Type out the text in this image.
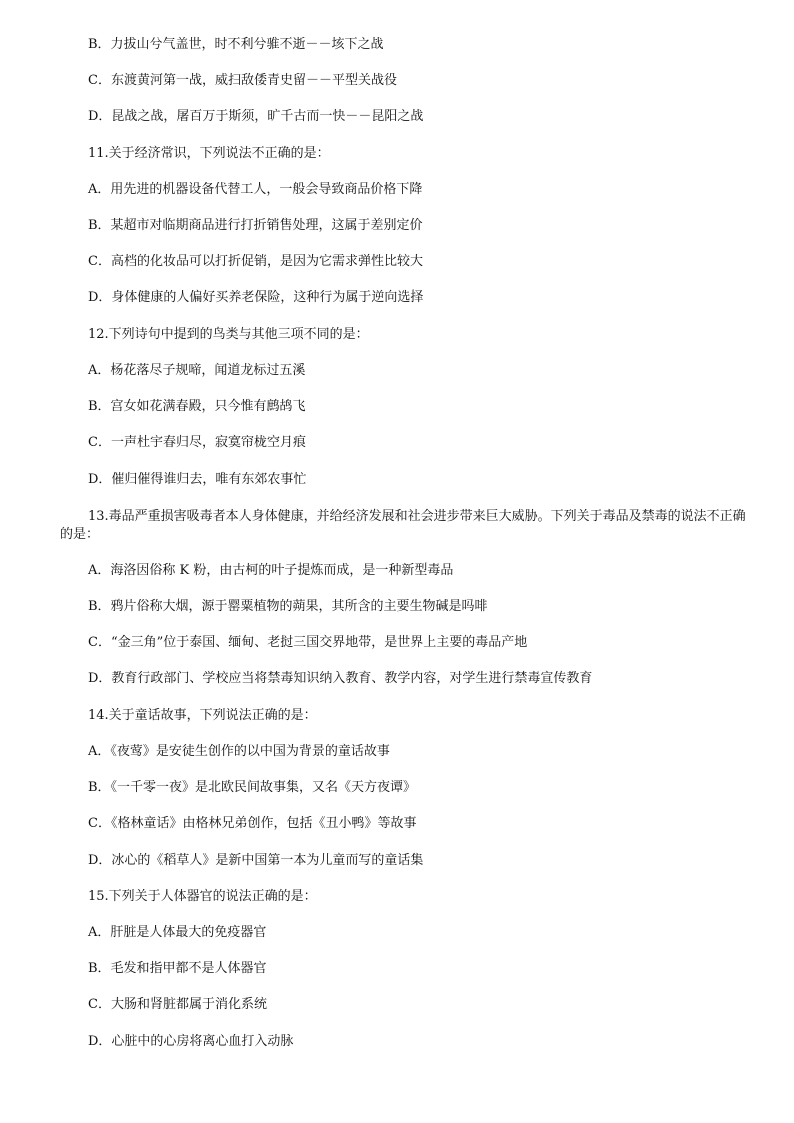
B．力拔山兮气盖世，时不利兮骓不逝－－垓下之战
C．东渡黄河第一战，威扫敌倭青史留－－平型关战役
D．昆战之战，屠百万于斯须，旷千古而一快－－昆阳之战
11.关于经济常识，下列说法不正确的是：
A．用先进的机器设备代替工人，一般会导致商品价格下降
B．某超市对临期商品进行打折销售处理，这属于差别定价
C．高档的化妆品可以打折促销，是因为它需求弹性比较大
D．身体健康的人偏好买养老保险，这种行为属于逆向选择
12.下列诗句中提到的鸟类与其他三项不同的是：
A．杨花落尽子规啼，闻道龙标过五溪
B．宫女如花满春殿，只今惟有鹧鸪飞
C．一声杜宇春归尽，寂寞帘栊空月痕
D．催归催得谁归去，唯有东郊农事忙
13.毒品严重损害吸毒者本人身体健康，并给经济发展和社会进步带来巨大威胁。下列关于毒品及禁毒的说法不正确的是：
A．海洛因俗称 K 粉，由古柯的叶子提炼而成，是一种新型毒品
B．鸦片俗称大烟，源于罂粟植物的蒴果，其所含的主要生物碱是吗啡
C．“金三角”位于泰国、缅甸、老挝三国交界地带，是世界上主要的毒品产地
D．教育行政部门、学校应当将禁毒知识纳入教育、教学内容，对学生进行禁毒宣传教育
14.关于童话故事，下列说法正确的是：
A．《夜莺》是安徒生创作的以中国为背景的童话故事
B．《一千零一夜》是北欧民间故事集，又名《天方夜谭》
C．《格林童话》由格林兄弟创作，包括《丑小鸭》等故事
D．冰心的《稻草人》是新中国第一本为儿童而写的童话集
15.下列关于人体器官的说法正确的是：
A．肝脏是人体最大的免疫器官
B．毛发和指甲都不是人体器官
C．大肠和肾脏都属于消化系统
D．心脏中的心房将离心血打入动脉
